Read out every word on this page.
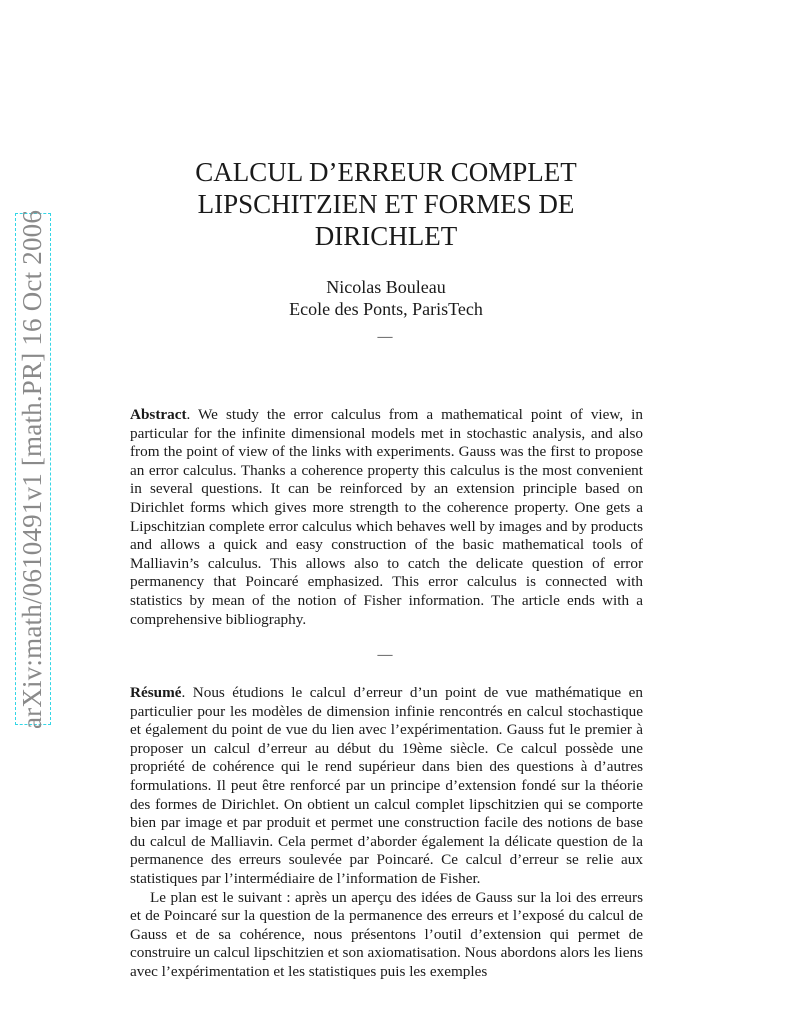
arXiv:math/0610491v1 [math.PR] 16 Oct 2006
CALCUL D’ERREUR COMPLET
LIPSCHITZIEN ET FORMES DE
DIRICHLET
Nicolas Bouleau
Ecole des Ponts, ParisTech
—

Abstract. We study the error calculus from a mathematical point of view, in particular for the infinite dimensional models met in stochastic analysis, and also from the point of view of the links with experiments. Gauss was the first to propose an error calculus. Thanks a coherence property this calculus is the most convenient in several questions. It can be reinforced by an extension principle based on Dirichlet forms which gives more strength to the coherence property. One gets a Lipschitzian complete error calculus which behaves well by images and by products and allows a quick and easy construction of the basic mathematical tools of Malliavin’s calculus. This allows also to catch the delicate question of error permanency that Poincaré emphasized. This error calculus is connected with statistics by mean of the notion of Fisher information. The article ends with a comprehensive bibliography.

—

Résumé. Nous étudions le calcul d’erreur d’un point de vue mathématique en particulier pour les modèles de dimension infinie rencontrés en calcul stochastique et également du point de vue du lien avec l’expérimentation. Gauss fut le premier à proposer un calcul d’erreur au début du 19ème siècle. Ce calcul possède une propriété de cohérence qui le rend supérieur dans bien des questions à d’autres formulations. Il peut être renforcé par un principe d’extension fondé sur la théorie des formes de Dirichlet. On obtient un calcul complet lipschitzien qui se comporte bien par image et par produit et permet une construction facile des notions de base du calcul de Malliavin. Cela permet d’aborder également la délicate question de la permanence des erreurs soulevée par Poincaré. Ce calcul d’erreur se relie aux statistiques par l’intermédiaire de l’information de Fisher.

Le plan est le suivant : après un aperçu des idées de Gauss sur la loi des erreurs et de Poincaré sur la question de la permanence des erreurs et l’exposé du calcul de Gauss et de sa cohérence, nous présentons l’outil d’extension qui permet de construire un calcul lipschitzien et son axiomatisation. Nous abordons alors les liens avec l’expérimentation et les statistiques puis les exemples
